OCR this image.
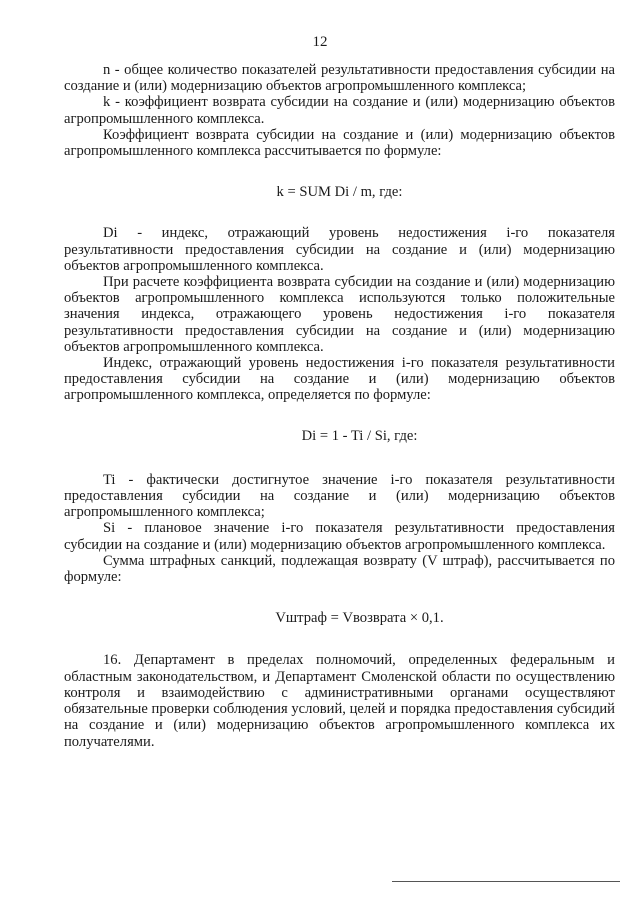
12

n - общее количество показателей результативности предоставления субсидии на создание и (или) модернизацию объектов агропромышленного комплекса;

k - коэффициент возврата субсидии на создание и (или) модернизацию объектов агропромышленного комплекса.

Коэффициент возврата субсидии на создание и (или) модернизацию объектов агропромышленного комплекса рассчитывается по формуле:

k = SUM Di / m, где:

Di - индекс, отражающий уровень недостижения i-го показателя результативности предоставления субсидии на создание и (или) модернизацию объектов агропромышленного комплекса.

При расчете коэффициента возврата субсидии на создание и (или) модернизацию объектов агропромышленного комплекса используются только положительные значения индекса, отражающего уровень недостижения i-го показателя результативности предоставления субсидии на создание и (или) модернизацию объектов агропромышленного комплекса.

Индекс, отражающий уровень недостижения i-го показателя результативности предоставления субсидии на создание и (или) модернизацию объектов агропромышленного комплекса, определяется по формуле:

Di = 1 - Ti / Si, где:

Ti - фактически достигнутое значение i-го показателя результативности предоставления субсидии на создание и (или) модернизацию объектов агропромышленного комплекса;

Si - плановое значение i-го показателя результативности предоставления субсидии на создание и (или) модернизацию объектов агропромышленного комплекса.

Сумма штрафных санкций, подлежащая возврату (V штраф), рассчитывается по формуле:

Vштраф = Vвозврата × 0,1.

16. Департамент в пределах полномочий, определенных федеральным и областным законодательством, и Департамент Смоленской области по осуществлению контроля и взаимодействию с административными органами осуществляют обязательные проверки соблюдения условий, целей и порядка предоставления субсидий на создание и (или) модернизацию объектов агропромышленного комплекса их получателями.
